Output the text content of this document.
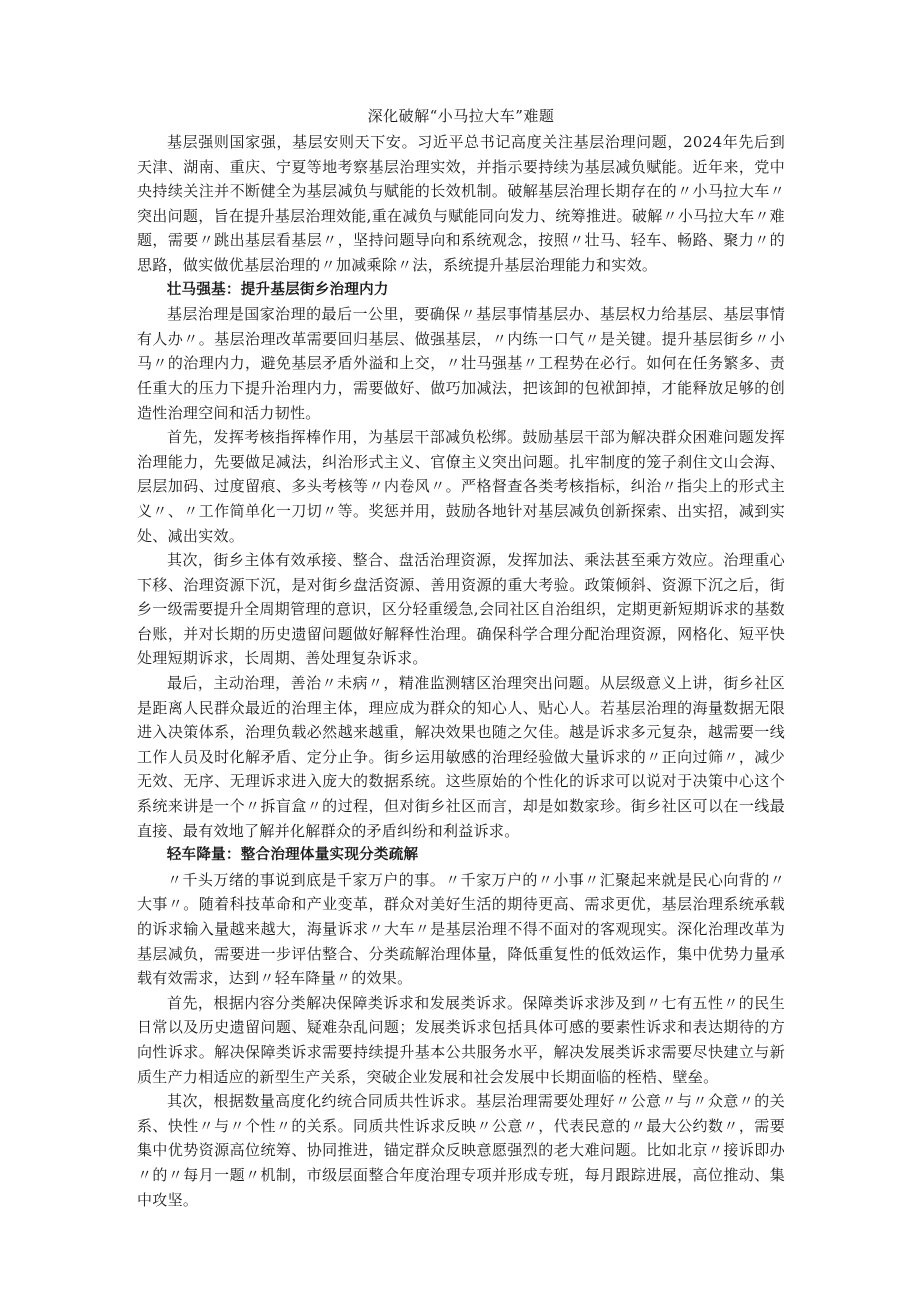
深化破解“小马拉大车”难题

基层强则国家强，基层安则天下安。习近平总书记高度关注基层治理问题，2024年先后到天津、湖南、重庆、宁夏等地考察基层治理实效，并指示要持续为基层减负赋能。近年来，党中央持续关注并不断健全为基层减负与赋能的长效机制。破解基层治理长期存在的〃小马拉大车〃突出问题，旨在提升基层治理效能,重在减负与赋能同向发力、统筹推进。破解〃小马拉大车〃难题，需要〃跳出基层看基层〃，坚持问题导向和系统观念，按照〃壮马、轻车、畅路、聚力〃的思路，做实做优基层治理的〃加减乘除〃法，系统提升基层治理能力和实效。

壮马强基：提升基层街乡治理内力

基层治理是国家治理的最后一公里，要确保〃基层事情基层办、基层权力给基层、基层事情有人办〃。基层治理改革需要回归基层、做强基层，〃内练一口气〃是关键。提升基层街乡〃小马〃的治理内力，避免基层矛盾外溢和上交，〃壮马强基〃工程势在必行。如何在任务繁多、责任重大的压力下提升治理内力，需要做好、做巧加减法，把该卸的包袱卸掉，才能释放足够的创造性治理空间和活力韧性。

首先，发挥考核指挥棒作用，为基层干部减负松绑。鼓励基层干部为解决群众困难问题发挥治理能力，先要做足减法，纠治形式主义、官僚主义突出问题。扎牢制度的笼子刹住文山会海、层层加码、过度留痕、多头考核等〃内卷风〃。严格督查各类考核指标，纠治〃指尖上的形式主义〃、〃工作简单化一刀切〃等。奖惩并用，鼓励各地针对基层减负创新探索、出实招，减到实处、减出实效。

其次，街乡主体有效承接、整合、盘活治理资源，发挥加法、乘法甚至乘方效应。治理重心下移、治理资源下沉，是对街乡盘活资源、善用资源的重大考验。政策倾斜、资源下沉之后，街乡一级需要提升全周期管理的意识，区分轻重缓急,会同社区自治组织，定期更新短期诉求的基数台账，并对长期的历史遗留问题做好解释性治理。确保科学合理分配治理资源，网格化、短平快处理短期诉求，长周期、善处理复杂诉求。

最后，主动治理，善治〃未病〃，精准监测辖区治理突出问题。从层级意义上讲，街乡社区是距离人民群众最近的治理主体，理应成为群众的知心人、贴心人。若基层治理的海量数据无限进入决策体系，治理负载必然越来越重，解决效果也随之欠佳。越是诉求多元复杂，越需要一线工作人员及时化解矛盾、定分止争。街乡运用敏感的治理经验做大量诉求的〃正向过筛〃，减少无效、无序、无理诉求进入庞大的数据系统。这些原始的个性化的诉求可以说对于决策中心这个系统来讲是一个〃拆盲盒〃的过程，但对街乡社区而言，却是如数家珍。街乡社区可以在一线最直接、最有效地了解并化解群众的矛盾纠纷和利益诉求。

轻车降量：整合治理体量实现分类疏解

〃千头万绪的事说到底是千家万户的事。〃千家万户的〃小事〃汇聚起来就是民心向背的〃大事〃。随着科技革命和产业变革，群众对美好生活的期待更高、需求更优，基层治理系统承载的诉求输入量越来越大，海量诉求〃大车〃是基层治理不得不面对的客观现实。深化治理改革为基层减负，需要进一步评估整合、分类疏解治理体量，降低重复性的低效运作，集中优势力量承载有效需求，达到〃轻车降量〃的效果。

首先，根据内容分类解决保障类诉求和发展类诉求。保障类诉求涉及到〃七有五性〃的民生日常以及历史遗留问题、疑难杂乱问题；发展类诉求包括具体可感的要素性诉求和表达期待的方向性诉求。解决保障类诉求需要持续提升基本公共服务水平，解决发展类诉求需要尽快建立与新质生产力相适应的新型生产关系，突破企业发展和社会发展中长期面临的桎梏、壁垒。

其次，根据数量高度化约统合同质共性诉求。基层治理需要处理好〃公意〃与〃众意〃的关系、快性〃与〃个性〃的关系。同质共性诉求反映〃公意〃，代表民意的〃最大公约数〃，需要集中优势资源高位统筹、协同推进，锚定群众反映意愿强烈的老大难问题。比如北京〃接诉即办〃的〃每月一题〃机制，市级层面整合年度治理专项并形成专班，每月跟踪进展，高位推动、集中攻坚。
